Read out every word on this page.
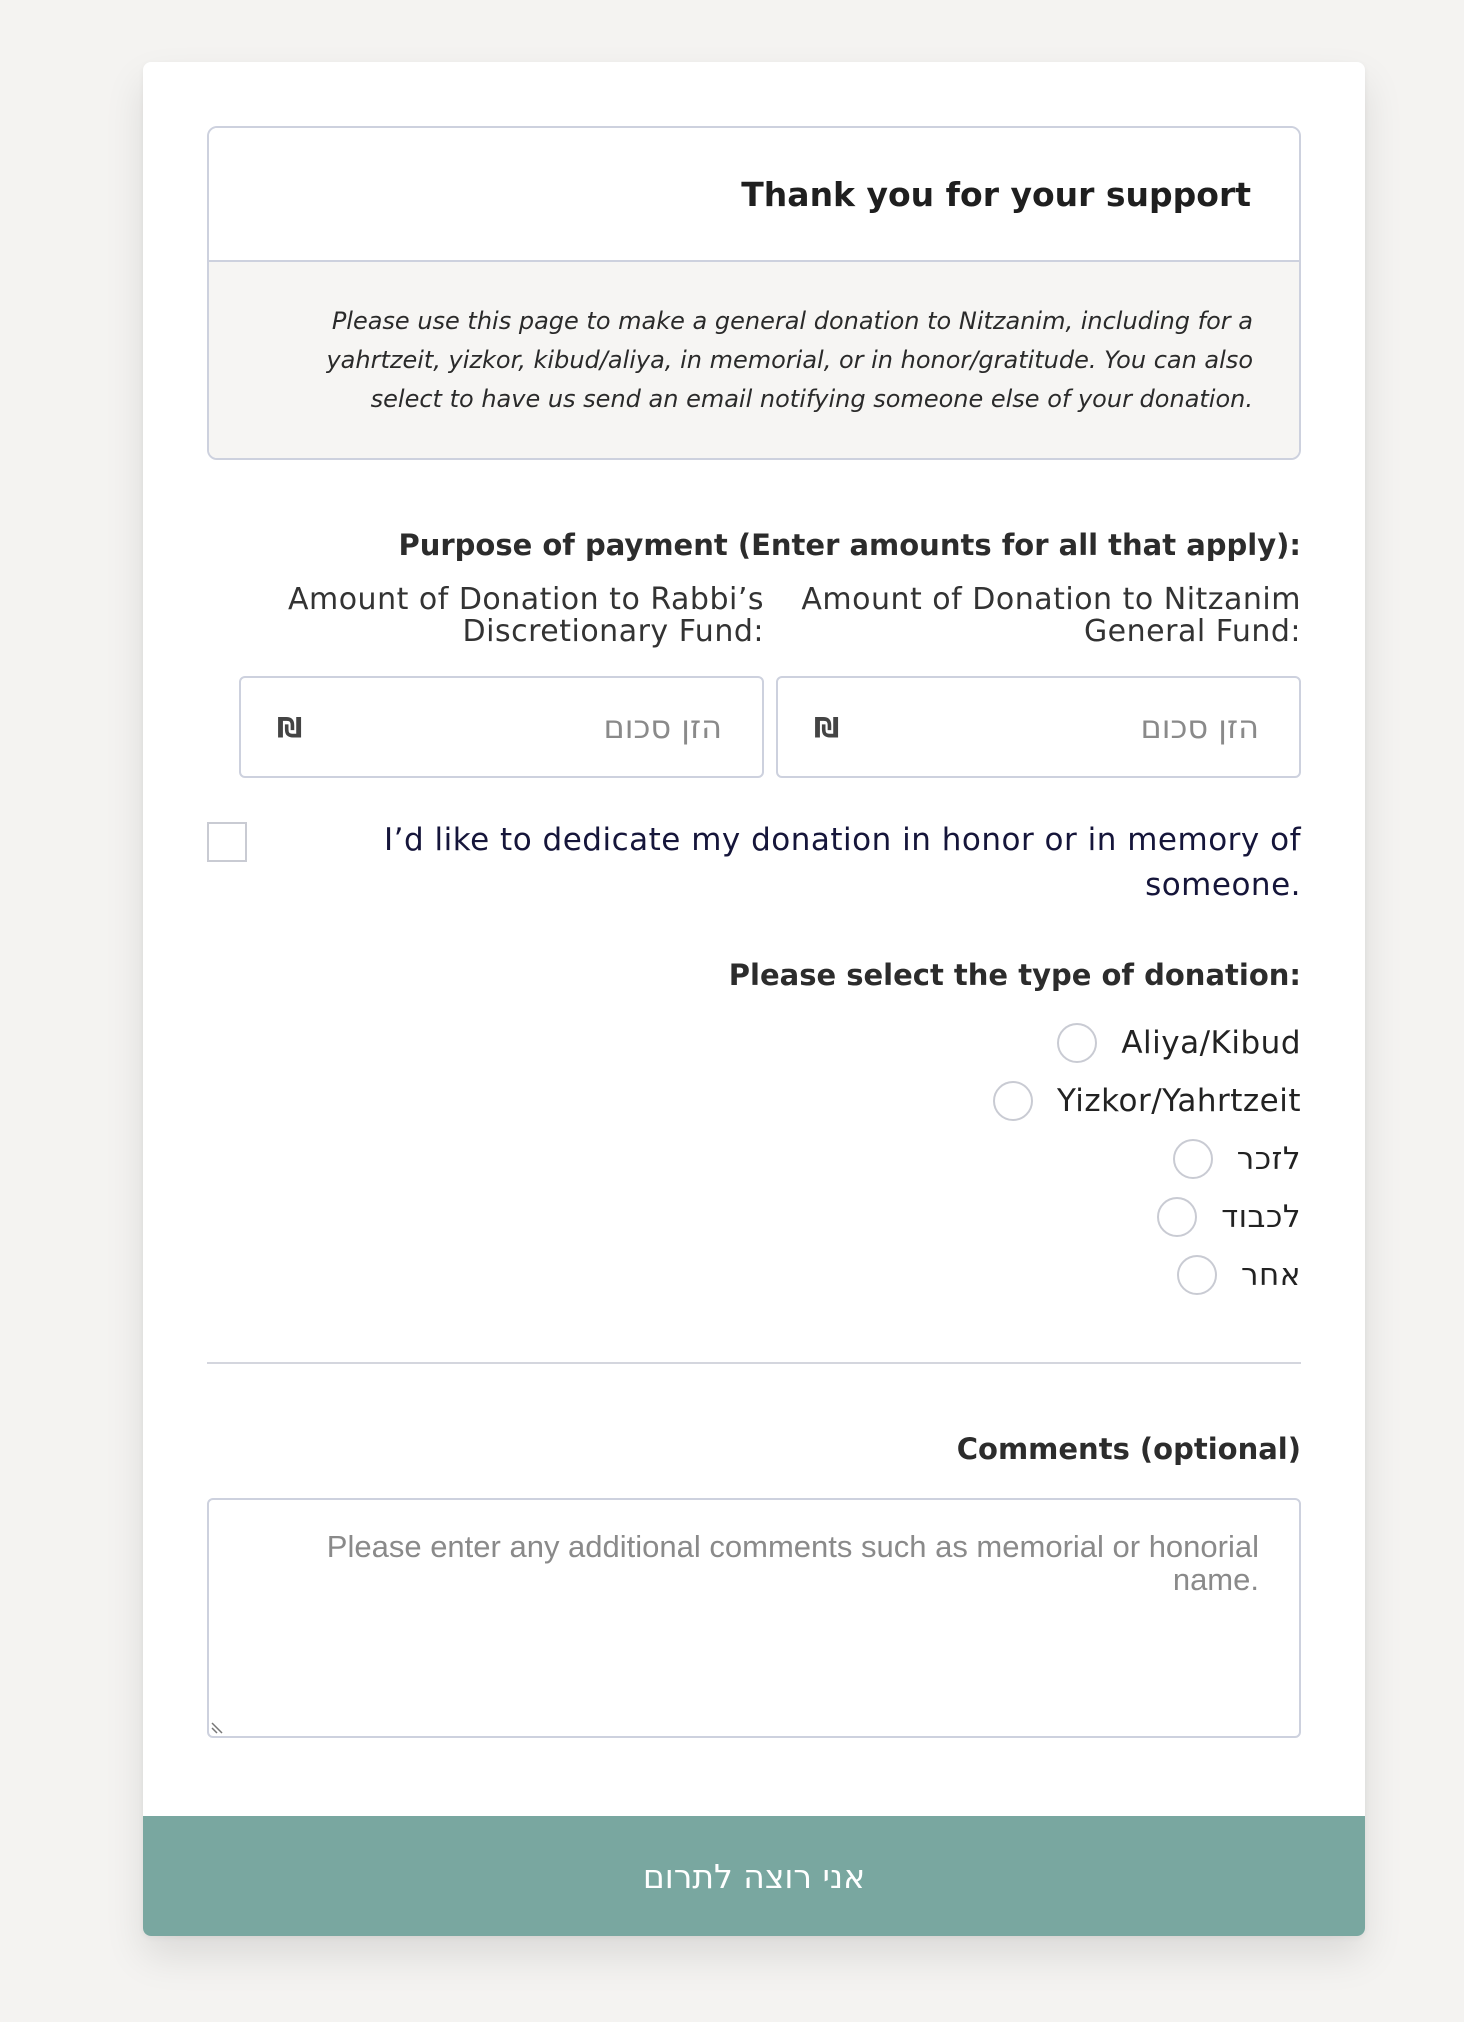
Thank you for your support
Please use this page to make a general donation to Nitzanim, including for a yahrtzeit, yizkor, kibud/aliya, in memorial, or in honor/gratitude. You can also select to have us send an email notifying someone else of your donation.
Purpose of payment (Enter amounts for all that apply):
Amount of Donation to Nitzanim General Fund:
הזן סכום
₪
Amount of Donation to Rabbi’s Discretionary Fund:
הזן סכום
₪
I’d like to dedicate my donation in honor or in memory of someone.
Please select the type of donation:
Aliya/Kibud
Yizkor/Yahrtzeit
לזכר
לכבוד
אחר
Comments (optional)
Please enter any additional comments such as memorial or honorial name.
אני רוצה לתרום
